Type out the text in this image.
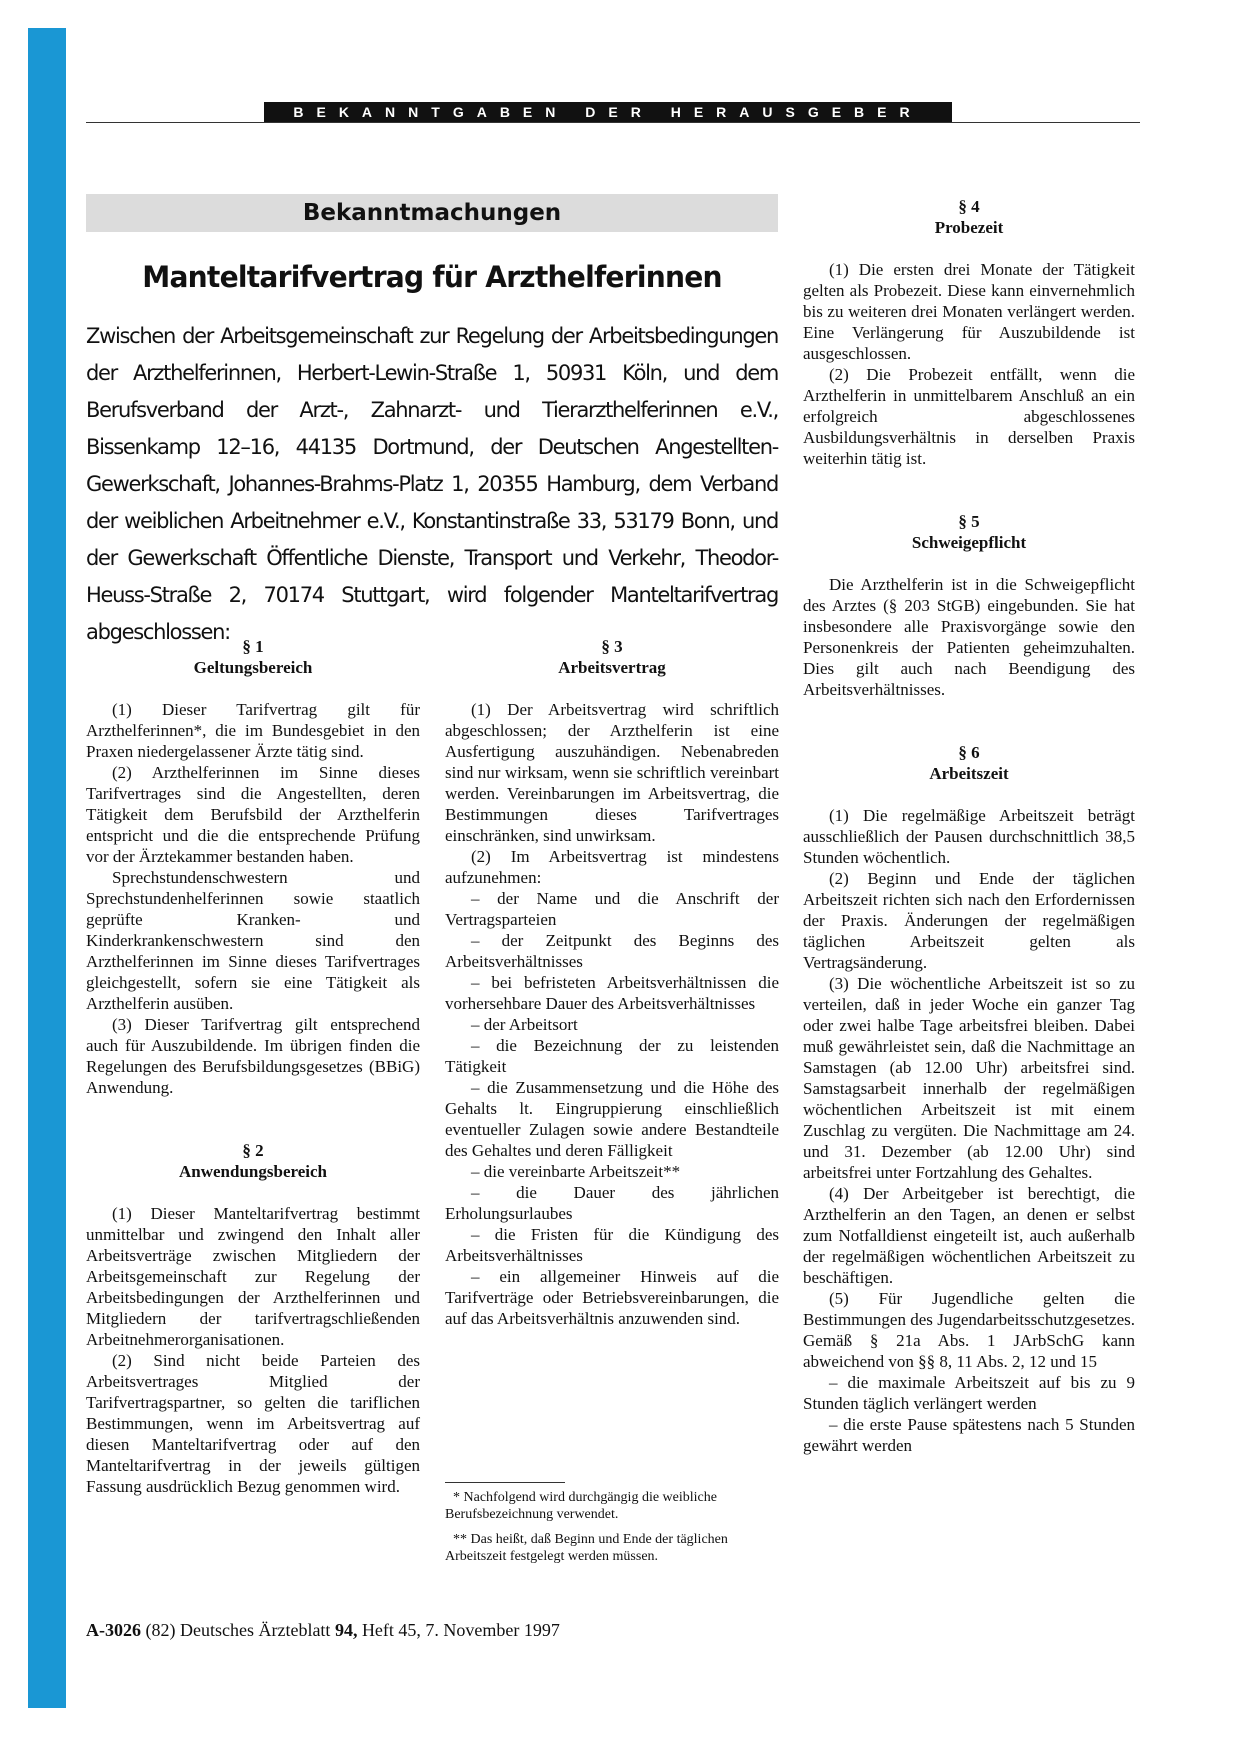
BEKANNTGABEN DER HERAUSGEBER
Bekanntmachungen
Manteltarifvertrag für Arzthelferinnen

Zwischen der Arbeitsgemeinschaft zur Regelung der Arbeitsbedingungen der Arzthelferinnen, Herbert-Lewin-Straße 1, 50931 Köln, und dem Berufsverband der Arzt-, Zahnarzt- und Tierarzthelferinnen e.V., Bissenkamp 12–16, 44135 Dortmund, der Deutschen Angestellten-Gewerkschaft, Johannes-Brahms-Platz 1, 20355 Hamburg, dem Verband der weiblichen Arbeitnehmer e.V., Konstantinstraße 33, 53179 Bonn, und der Gewerkschaft Öffentliche Dienste, Transport und Verkehr, Theodor-Heuss-Straße 2, 70174 Stuttgart, wird folgender Manteltarifvertrag abgeschlossen:

§ 1

Geltungsbereich

(1) Dieser Tarifvertrag gilt für Arzthelferinnen*, die im Bundesgebiet in den Praxen niedergelassener Ärzte tätig sind.

(2) Arzthelferinnen im Sinne dieses Tarifvertrages sind die Angestellten, deren Tätigkeit dem Berufsbild der Arzthelferin entspricht und die die entsprechende Prüfung vor der Ärztekammer bestanden haben.

Sprechstundenschwestern und Sprechstundenhelferinnen sowie staatlich geprüfte Kranken- und Kinderkrankenschwestern sind den Arzthelferinnen im Sinne dieses Tarifvertrages gleichgestellt, sofern sie eine Tätigkeit als Arzthelferin ausüben.

(3) Dieser Tarifvertrag gilt entsprechend auch für Auszubildende. Im übrigen finden die Regelungen des Berufsbildungsgesetzes (BBiG) Anwendung.

§ 2

Anwendungsbereich

(1) Dieser Manteltarifvertrag bestimmt unmittelbar und zwingend den Inhalt aller Arbeitsverträge zwischen Mitgliedern der Arbeitsgemeinschaft zur Regelung der Arbeitsbedingungen der Arzthelferinnen und Mitgliedern der tarifvertragschließenden Arbeitnehmerorganisationen.

(2) Sind nicht beide Parteien des Arbeitsvertrages Mitglied der Tarifvertragspartner, so gelten die tariflichen Bestimmungen, wenn im Arbeitsvertrag auf diesen Manteltarifvertrag oder auf den Manteltarifvertrag in der jeweils gültigen Fassung ausdrücklich Bezug genommen wird.

§ 3

Arbeitsvertrag

(1) Der Arbeitsvertrag wird schriftlich abgeschlossen; der Arzthelferin ist eine Ausfertigung auszuhändigen. Nebenabreden sind nur wirksam, wenn sie schriftlich vereinbart werden. Vereinbarungen im Arbeitsvertrag, die Bestimmungen dieses Tarifvertrages einschränken, sind unwirksam.

(2) Im Arbeitsvertrag ist mindestens aufzunehmen:

– der Name und die Anschrift der Vertragsparteien

– der Zeitpunkt des Beginns des Arbeitsverhältnisses

– bei befristeten Arbeitsverhältnissen die vorhersehbare Dauer des Arbeitsverhältnisses

– der Arbeitsort

– die Bezeichnung der zu leistenden Tätigkeit

– die Zusammensetzung und die Höhe des Gehalts lt. Eingruppierung einschließlich eventueller Zulagen sowie andere Bestandteile des Gehaltes und deren Fälligkeit

– die vereinbarte Arbeitszeit**

– die Dauer des jährlichen Erholungsurlaubes

– die Fristen für die Kündigung des Arbeitsverhältnisses

– ein allgemeiner Hinweis auf die Tarifverträge oder Betriebsvereinbarungen, die auf das Arbeitsverhältnis anzuwenden sind.

* Nachfolgend wird durchgängig die weibliche Berufsbezeichnung verwendet.

** Das heißt, daß Beginn und Ende der täglichen Arbeitszeit festgelegt werden müssen.

§ 4

Probezeit

(1) Die ersten drei Monate der Tätigkeit gelten als Probezeit. Diese kann einvernehmlich bis zu weiteren drei Monaten verlängert werden. Eine Verlängerung für Auszubildende ist ausgeschlossen.

(2) Die Probezeit entfällt, wenn die Arzthelferin in unmittelbarem Anschluß an ein erfolgreich abgeschlossenes Ausbildungsverhältnis in derselben Praxis weiterhin tätig ist.

§ 5

Schweigepflicht

Die Arzthelferin ist in die Schweigepflicht des Arztes (§ 203 StGB) eingebunden. Sie hat insbesondere alle Praxisvorgänge sowie den Personenkreis der Patienten geheimzuhalten. Dies gilt auch nach Beendigung des Arbeitsverhältnisses.

§ 6

Arbeitszeit

(1) Die regelmäßige Arbeitszeit beträgt ausschließlich der Pausen durchschnittlich 38,5 Stunden wöchentlich.

(2) Beginn und Ende der täglichen Arbeitszeit richten sich nach den Erfordernissen der Praxis. Änderungen der regelmäßigen täglichen Arbeitszeit gelten als Vertragsänderung.

(3) Die wöchentliche Arbeitszeit ist so zu verteilen, daß in jeder Woche ein ganzer Tag oder zwei halbe Tage arbeitsfrei bleiben. Dabei muß gewährleistet sein, daß die Nachmittage an Samstagen (ab 12.00 Uhr) arbeitsfrei sind. Samstagsarbeit innerhalb der regelmäßigen wöchentlichen Arbeitszeit ist mit einem Zuschlag zu vergüten. Die Nachmittage am 24. und 31. Dezember (ab 12.00 Uhr) sind arbeitsfrei unter Fortzahlung des Gehaltes.

(4) Der Arbeitgeber ist berechtigt, die Arzthelferin an den Tagen, an denen er selbst zum Notfalldienst eingeteilt ist, auch außerhalb der regelmäßigen wöchentlichen Arbeitszeit zu beschäftigen.

(5) Für Jugendliche gelten die Bestimmungen des Jugendarbeitsschutzgesetzes. Gemäß § 21a Abs. 1 JArbSchG kann abweichend von §§ 8, 11 Abs. 2, 12 und 15

– die maximale Arbeitszeit auf bis zu 9 Stunden täglich verlängert werden

– die erste Pause spätestens nach 5 Stunden gewährt werden

A-3026 (82) Deutsches Ärzteblatt 94, Heft 45, 7. November 1997
